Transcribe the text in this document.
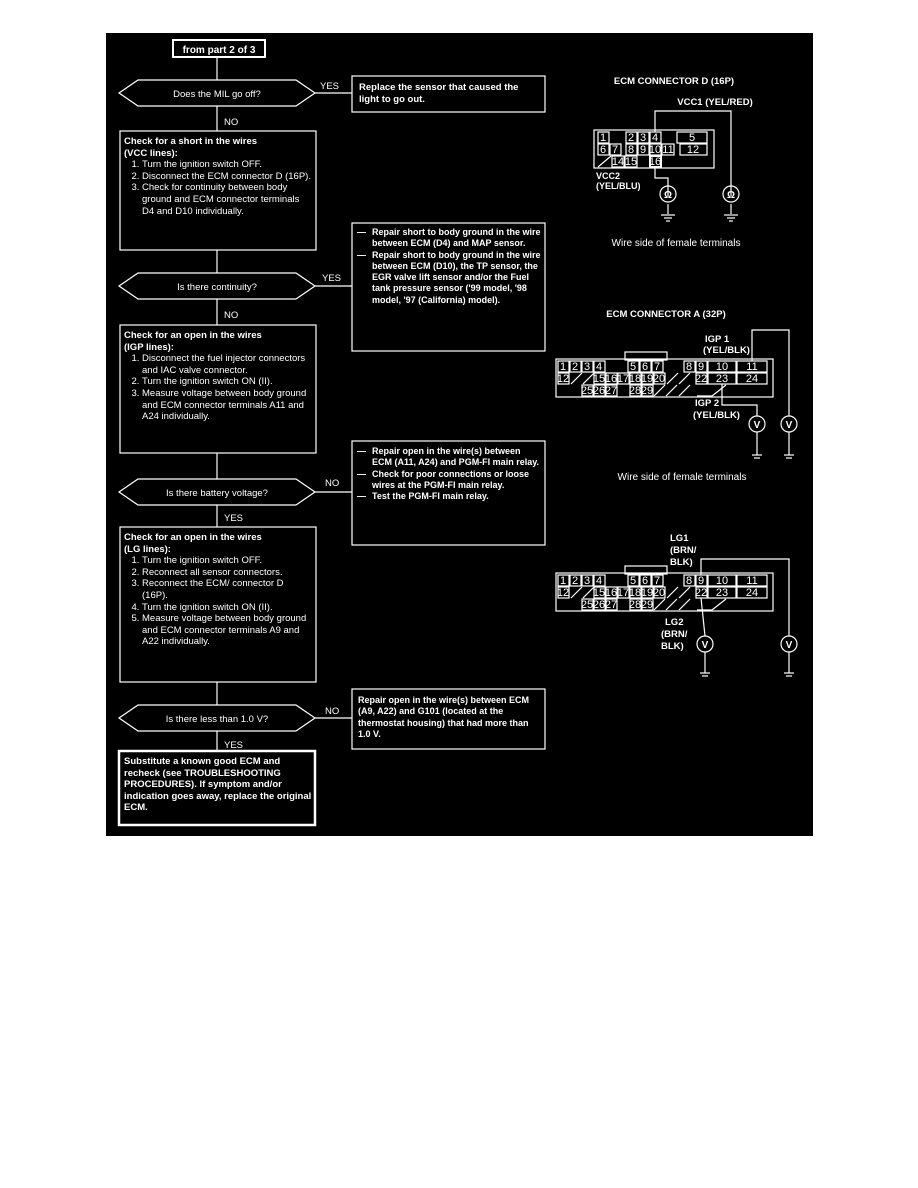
from part 2 of 3
Does the MIL go off?
Is there continuity?
Is there battery voltage?
Is there less than 1.0 V?
YES
NO
YES
NO
NO
YES
NO
YES
ECM CONNECTOR D (16P)
VCC1 (YEL/RED)
1 2 3 4	5
6 7 8 9 10 11 12
14 15 16
VCC2
(YEL/BLU)
Ω	Ω
Wire side of female terminals
ECM CONNECTOR A (32P)
IGP 1
(YEL/BLK)
1 2 3 4	5 6 7 8 9 10 11
12 15 16 17 18 19 20	22 23 24
25 26 27 28 29
IGP 2
(YEL/BLK)
V	V
Wire side of female terminals
LG1
(BRN/
BLK)
1 2 3 4	5 6 7 8 9 10 11
12 15 16 17 18 19 20	22 23 24
25 26 27 28 29
LG2
(BRN/
BLK) V	V
Check for a short in the wires
(VCC lines):
1. Turn the ignition switch OFF.
2. Disconnect the ECM connector D (16P).
3. Check for continuity between body ground and ECM connector terminals D4 and D10 individually.
Check for an open in the wires
(IGP lines):
1. Disconnect the fuel injector connectors and IAC valve connector.
2. Turn the ignition switch ON (II).
3. Measure voltage between body ground and ECM connector terminals A11 and A24 individually.
Check for an open in the wires
(LG lines):
1. Turn the ignition switch OFF.
2. Reconnect all sensor connectors.
3. Reconnect the ECM/ connector D (16P).
4. Turn the ignition switch ON (II).
5. Measure voltage between body ground and ECM connector terminals A9 and A22 individually.
Replace the sensor that caused the light to go out.
— Repair short to body ground in the wire between ECM (D4) and MAP sensor.
— Repair short to body ground in the wire between ECM (D10), the TP sensor, the EGR valve lift sensor and/or the Fuel tank pressure sensor ('99 model, '98 model, '97 (California) model).
— Repair open in the wire(s) between ECM (A11, A24) and PGM-FI main relay.
— Check for poor connections or loose wires at the PGM-FI main relay.
— Test the PGM-FI main relay.
Repair open in the wire(s) between ECM (A9, A22) and G101 (located at the thermostat housing) that had more than 1.0 V.
Substitute a known good ECM and recheck (see TROUBLESHOOTING PROCEDURES). If symptom and/or indication goes away, replace the original ECM.
